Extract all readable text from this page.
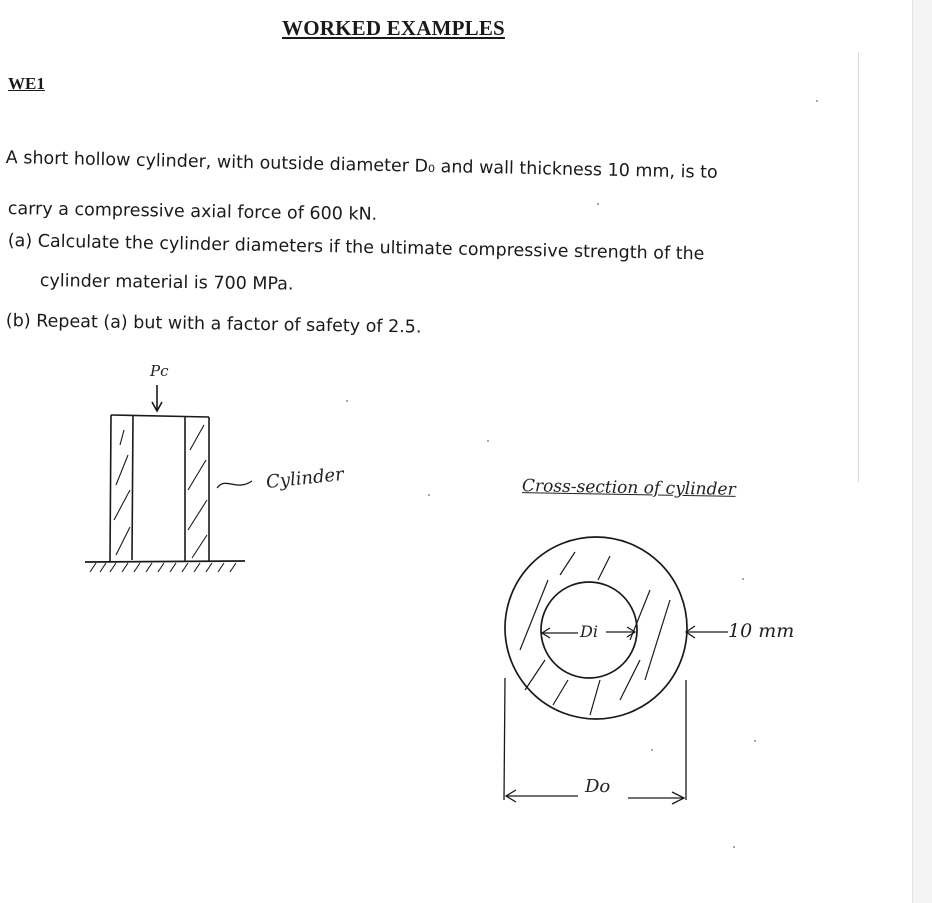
WORKED EXAMPLES
WE1
A short hollow cylinder, with outside diameter D₀ and wall thickness 10 mm, is to
carry a compressive axial force of 600 kN.
(a) Calculate the cylinder diameters if the ultimate compressive strength of the
cylinder material is 700 MPa.
(b) Repeat (a) but with a factor of safety of 2.5.
Pc
Cylinder	Cross-section of cylinder
10 mm
Di
Do
